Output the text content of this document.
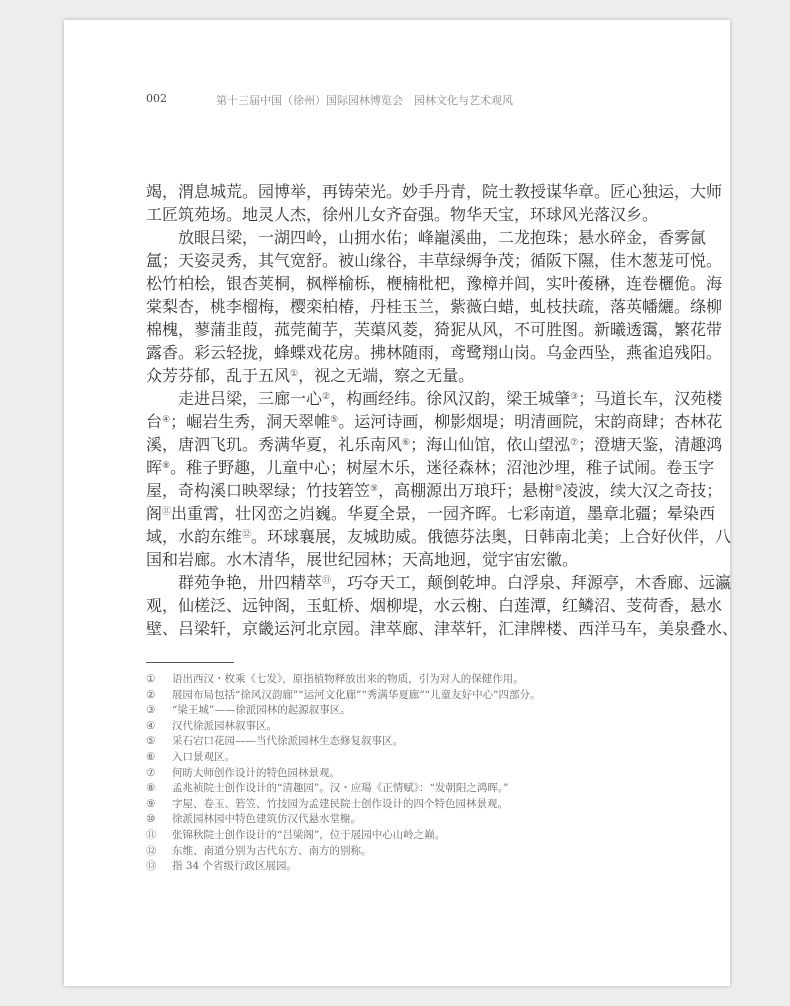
002	第十三届中国（徐州）国际园林博览会　园林文化与艺术观风
竭，渭息城荒。园博举，再铸荣光。妙手丹青，院士教授谋华章。匠心独运，大师
工匠筑苑场。地灵人杰，徐州儿女齐奋强。物华天宝，环球风光落汉乡。
放眼吕梁，一湖四岭，山拥水佑；峰巃溪曲，二龙抱珠；悬水碎金，香雾氤
氲；天姿灵秀，其气宽舒。被山缘谷，丰草绿缛争茂；循阪下隰，佳木葱茏可悦。
松竹柏桧，银杏荚桐，枫榉榆栎，楩楠枇杷，豫樟并闾，实叶葰楙，连卷欐佹。海
棠梨杏，桃李榴梅，樱栾柏椿，丹桂玉兰，紫薇白蜡，虬枝扶疏，落英幡纚。绦柳
棉槐，蓼蒲韭葭，菰莞蔺芋，芙蕖风菱，猗狔从风，不可胜图。新曦透霭，繁花带
露香。彩云轻拢，蜂蝶戏花房。拂林随雨，鸢鹭翔山岗。乌金西坠，燕雀追残阳。
众芳芬郁，乱于五风①，视之无端，察之无量。
走进吕梁，三廊一心②，构画经纬。徐风汉韵，梁王城肇③；马道长车，汉苑楼
台④；崛岩生秀，洞天翠帷⑤。运河诗画，柳影烟堤；明清画院，宋韵商肆；杏林花
溪，唐泗飞玑。秀满华夏，礼乐南风⑥；海山仙馆，依山望泓⑦；澄塘天鉴，清趣鸿
晖⑧。稚子野趣，儿童中心；树屋木乐，迷径森林；沼池沙埋，稚子试闹。卷玉字
屋，奇构溪口映翠绿；竹技箬笠⑨，高棚源出万琅玕；悬榭⑩凌波，续大汉之奇技；
阁⑪出重霄，壮冈峦之岿巍。华夏全景，一园齐晖。七彩南道，墨章北疆；晕染西
域，水韵东维⑫。环球襄展，友城助威。俄德芬法奥，日韩南北美；上合好伙伴，八
国和岩廊。水木清华，展世纪园林；天高地迥，觉宇宙宏徽。
群苑争艳，卅四精萃⑬，巧夺天工，颠倒乾坤。白浮泉、拜源亭，木香廊、远瀛
观，仙槎泛、远钟阁，玉虹桥、烟柳堤，水云榭、白莲潭，红鳞沼、芰荷香，悬水
壁、吕梁轩，京畿运河北京园。津萃廊、津萃轩，汇津牌楼、西洋马车，美泉叠水、
① 语出西汉・枚乘《七发》，原指植物释放出来的物质，引为对人的保健作用。
② 展园布局包括“徐风汉韵廊”“运河文化廊”“秀满华夏廊”“儿童友好中心”四部分。
③ “梁王城”——徐派园林的起源叙事区。
④ 汉代徐派园林叙事区。
⑤ 采石宕口花园——当代徐派园林生态修复叙事区。
⑥ 入口景观区。
⑦ 何昉大师创作设计的特色园林景观。
⑧ 孟兆祯院士创作设计的“清趣园”。汉・应瑒《正情赋》：“发朝阳之鸿晖。”
⑨ 字屋、卷玉、箬笠、竹技园为孟建民院士创作设计的四个特色园林景观。
⑩ 徐派园林园中特色建筑仿汉代悬水堂榭。
⑪ 张锦秋院士创作设计的“吕梁阁”，位于展园中心山岭之巅。
⑫ 东维、南道分别为古代东方、南方的别称。
⑬ 指 34 个省级行政区展园。
